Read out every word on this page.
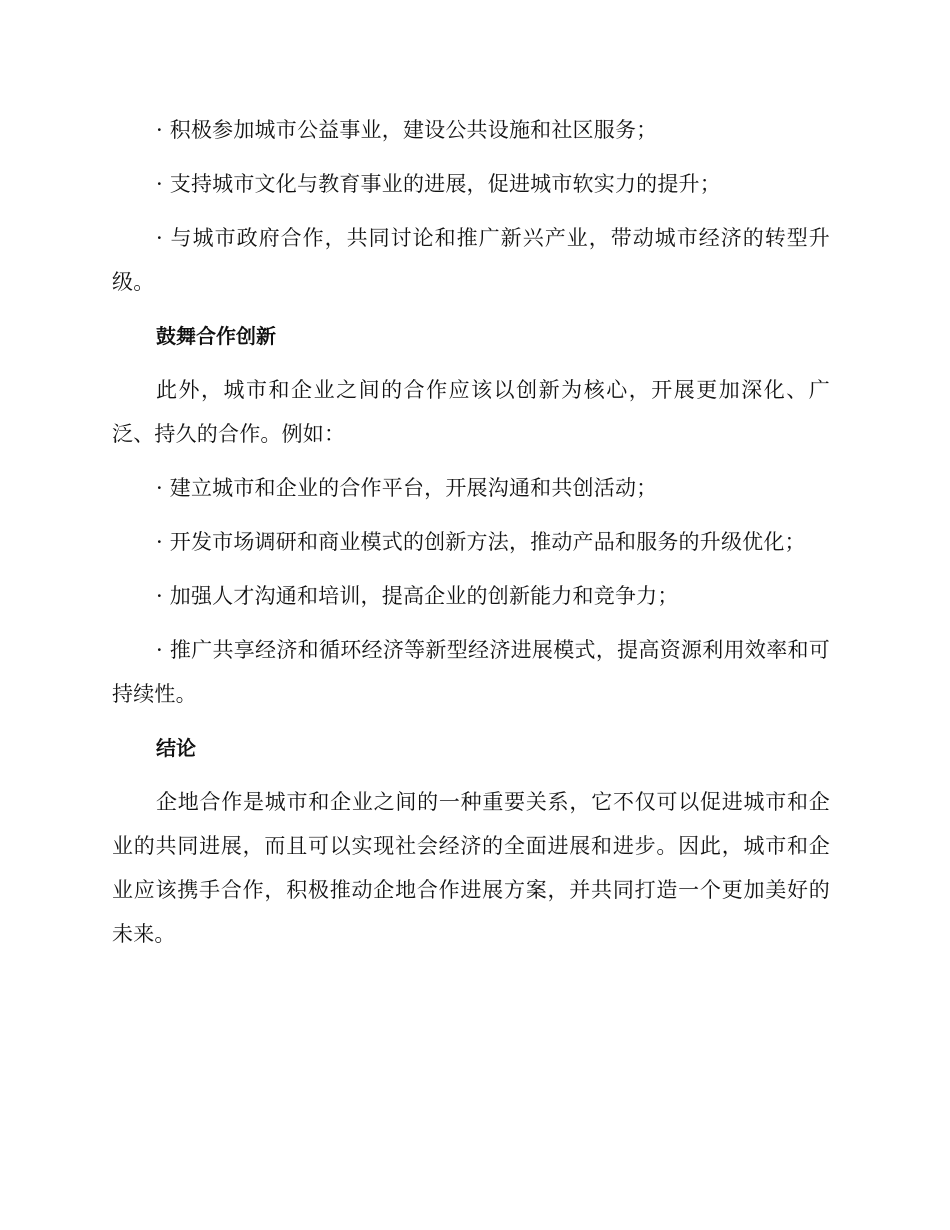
· 积极参加城市公益事业，建设公共设施和社区服务；

· 支持城市文化与教育事业的进展，促进城市软实力的提升；

· 与城市政府合作，共同讨论和推广新兴产业，带动城市经济的转型升级。

鼓舞合作创新

此外，城市和企业之间的合作应该以创新为核心，开展更加深化、广泛、持久的合作。例如：

· 建立城市和企业的合作平台，开展沟通和共创活动；

· 开发市场调研和商业模式的创新方法，推动产品和服务的升级优化；

· 加强人才沟通和培训，提高企业的创新能力和竞争力；

· 推广共享经济和循环经济等新型经济进展模式，提高资源利用效率和可持续性。

结论

企地合作是城市和企业之间的一种重要关系，它不仅可以促进城市和企业的共同进展，而且可以实现社会经济的全面进展和进步。因此，城市和企业应该携手合作，积极推动企地合作进展方案，并共同打造一个更加美好的未来。
